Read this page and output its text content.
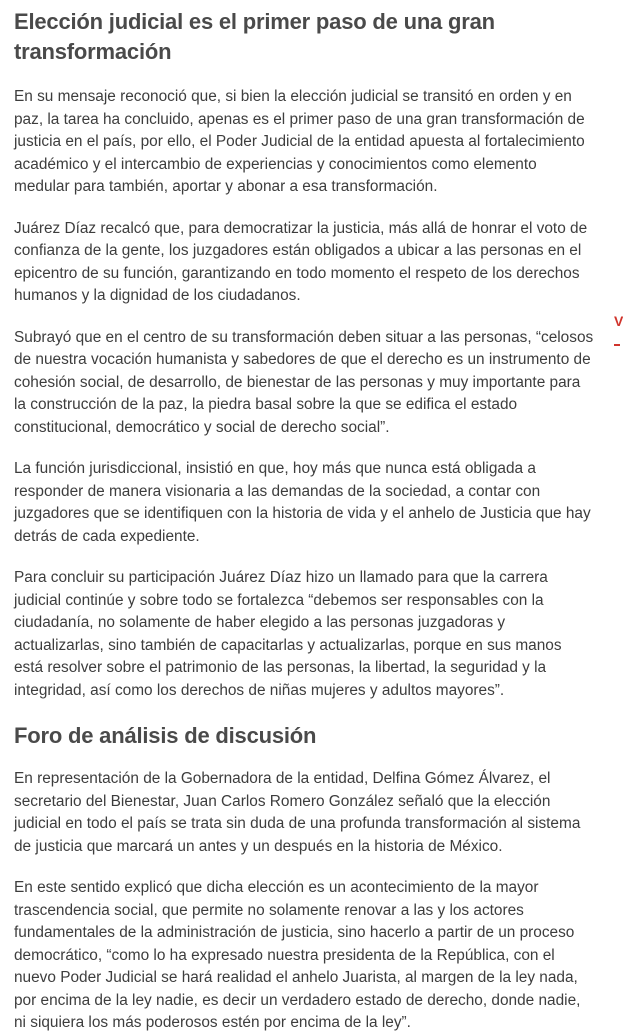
Elección judicial es el primer paso de una gran transformación

En su mensaje reconoció que, si bien la elección judicial se transitó en orden y en paz, la tarea ha concluido, apenas es el primer paso de una gran transformación de justicia en el país, por ello, el Poder Judicial de la entidad apuesta al fortalecimiento académico y el intercambio de experiencias y conocimientos como elemento medular para también, aportar y abonar a esa transformación.

Juárez Díaz recalcó que, para democratizar la justicia, más allá de honrar el voto de confianza de la gente, los juzgadores están obligados a ubicar a las personas en el epicentro de su función, garantizando en todo momento el respeto de los derechos humanos y la dignidad de los ciudadanos.

Subrayó que en el centro de su transformación deben situar a las personas, “celosos de nuestra vocación humanista y sabedores de que el derecho es un instrumento de cohesión social, de desarrollo, de bienestar de las personas y muy importante para la construcción de la paz, la piedra basal sobre la que se edifica el estado constitucional, democrático y social de derecho social”.

La función jurisdiccional, insistió en que, hoy más que nunca está obligada a responder de manera visionaria a las demandas de la sociedad, a contar con juzgadores que se identifiquen con la historia de vida y el anhelo de Justicia que hay detrás de cada expediente.

Para concluir su participación Juárez Díaz hizo un llamado para que la carrera judicial continúe y sobre todo se fortalezca “debemos ser responsables con la ciudadanía, no solamente de haber elegido a las personas juzgadoras y actualizarlas, sino también de capacitarlas y actualizarlas, porque en sus manos está resolver sobre el patrimonio de las personas, la libertad, la seguridad y la integridad, así como los derechos de niñas mujeres y adultos mayores”.

Foro de análisis de discusión

En representación de la Gobernadora de la entidad, Delfina Gómez Álvarez, el secretario del Bienestar, Juan Carlos Romero González señaló que la elección judicial en todo el país se trata sin duda de una profunda transformación al sistema de justicia que marcará un antes y un después en la historia de México.

En este sentido explicó que dicha elección es un acontecimiento de la mayor trascendencia social, que permite no solamente renovar a las y los actores fundamentales de la administración de justicia, sino hacerlo a partir de un proceso democrático, “como lo ha expresado nuestra presidenta de la República, con el nuevo Poder Judicial se hará realidad el anhelo Juarista, al margen de la ley nada, por encima de la ley nadie, es decir un verdadero estado de derecho, donde nadie, ni siquiera los más poderosos estén por encima de la ley”.

V
